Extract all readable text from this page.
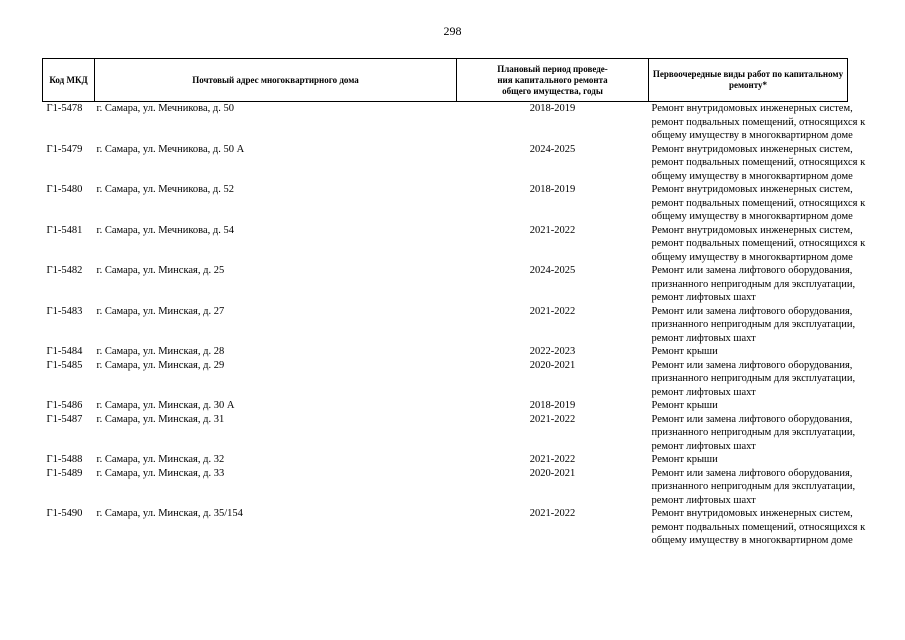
298
Код МКД	Почтовый адрес многоквартирного дома	Плановый период проведе-
ния капитального ремонта
общего имущества, годы	Первоочередные виды работ по капитальному
ремонту*

Г1-5478	г. Самара, ул. Мечникова, д. 50	2018-2019	Ремонт внутридомовых инженерных систем,
ремонт подвальных помещений, относящихся к
общему имуществу в многоквартирном доме

Г1-5479	г. Самара, ул. Мечникова, д. 50 А	2024-2025	Ремонт внутридомовых инженерных систем,
ремонт подвальных помещений, относящихся к
общему имуществу в многоквартирном доме

Г1-5480	г. Самара, ул. Мечникова, д. 52	2018-2019	Ремонт внутридомовых инженерных систем,
ремонт подвальных помещений, относящихся к
общему имуществу в многоквартирном доме

Г1-5481	г. Самара, ул. Мечникова, д. 54	2021-2022	Ремонт внутридомовых инженерных систем,
ремонт подвальных помещений, относящихся к
общему имуществу в многоквартирном доме

Г1-5482	г. Самара, ул. Минская, д. 25	2024-2025	Ремонт или замена лифтового оборудования,
признанного непригодным для эксплуатации,
ремонт лифтовых шахт

Г1-5483	г. Самара, ул. Минская, д. 27	2021-2022	Ремонт или замена лифтового оборудования,
признанного непригодным для эксплуатации,
ремонт лифтовых шахт

Г1-5484	г. Самара, ул. Минская, д. 28	2022-2023	Ремонт крыши

Г1-5485	г. Самара, ул. Минская, д. 29	2020-2021	Ремонт или замена лифтового оборудования,
признанного непригодным для эксплуатации,
ремонт лифтовых шахт

Г1-5486	г. Самара, ул. Минская, д. 30 А	2018-2019	Ремонт крыши

Г1-5487	г. Самара, ул. Минская, д. 31	2021-2022	Ремонт или замена лифтового оборудования,
признанного непригодным для эксплуатации,
ремонт лифтовых шахт

Г1-5488	г. Самара, ул. Минская, д. 32	2021-2022	Ремонт крыши

Г1-5489	г. Самара, ул. Минская, д. 33	2020-2021	Ремонт или замена лифтового оборудования,
признанного непригодным для эксплуатации,
ремонт лифтовых шахт

Г1-5490	г. Самара, ул. Минская, д. 35/154	2021-2022	Ремонт внутридомовых инженерных систем,
ремонт подвальных помещений, относящихся к
общему имуществу в многоквартирном доме
